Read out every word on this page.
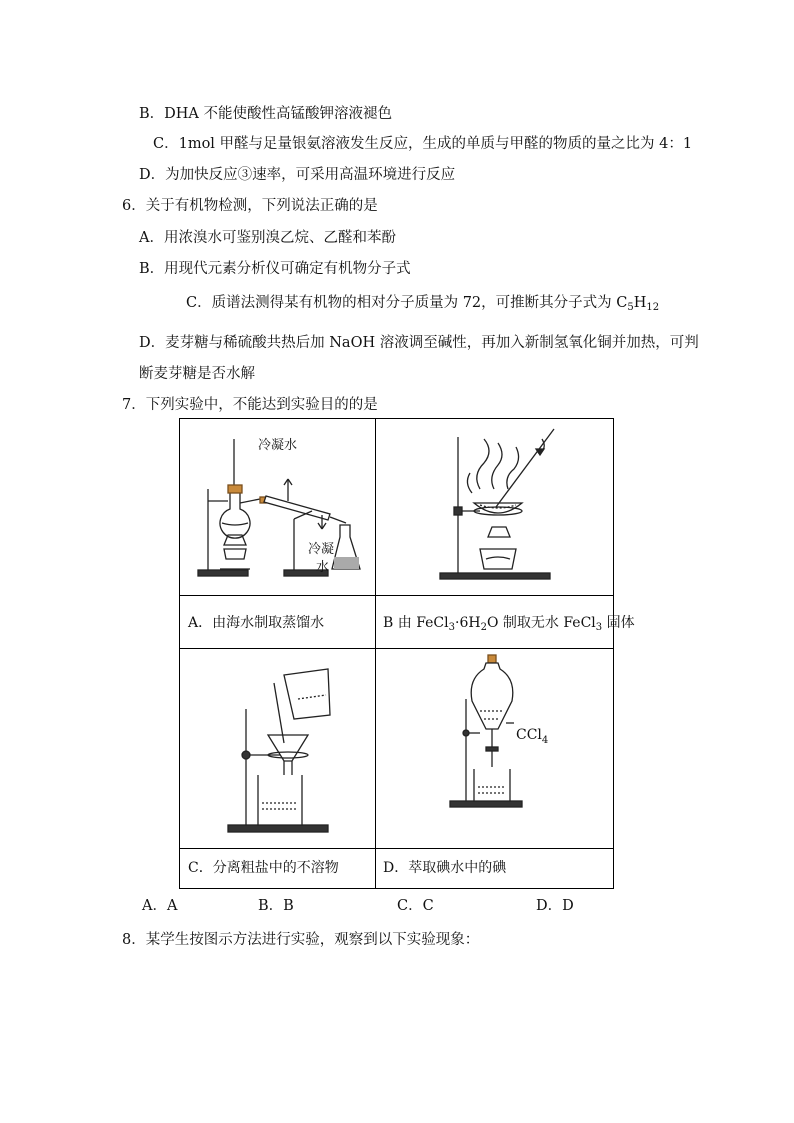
B．DHA 不能使酸性高锰酸钾溶液褪色
C．1mol 甲醛与足量银氨溶液发生反应，生成的单质与甲醛的物质的量之比为 4：1
D．为加快反应③速率，可采用高温环境进行反应
6．关于有机物检测，下列说法正确的是
A．用浓溴水可鉴别溴乙烷、乙醛和苯酚
B．用现代元素分析仪可确定有机物分子式
C．质谱法测得某有机物的相对分子质量为 72，可推断其分子式为 $C_5H_{12}$
D．麦芽糖与稀硫酸共热后加 NaOH 溶液调至碱性，再加入新制氢氧化铜并加热，可判
断麦芽糖是否水解
7．下列实验中，不能达到实验目的的是
冷凝水
冷凝
水
A．由海水制取蒸馏水	B 由 $FeCl_3\cdot 6H_2O$ 制取无水 FeCl$_3$ 固体
CCl$_4$
C．分离粗盐中的不溶物	D．萃取碘水中的碘
A．A	B．B	C．C	D．D
8．某学生按图示方法进行实验，观察到以下实验现象：
